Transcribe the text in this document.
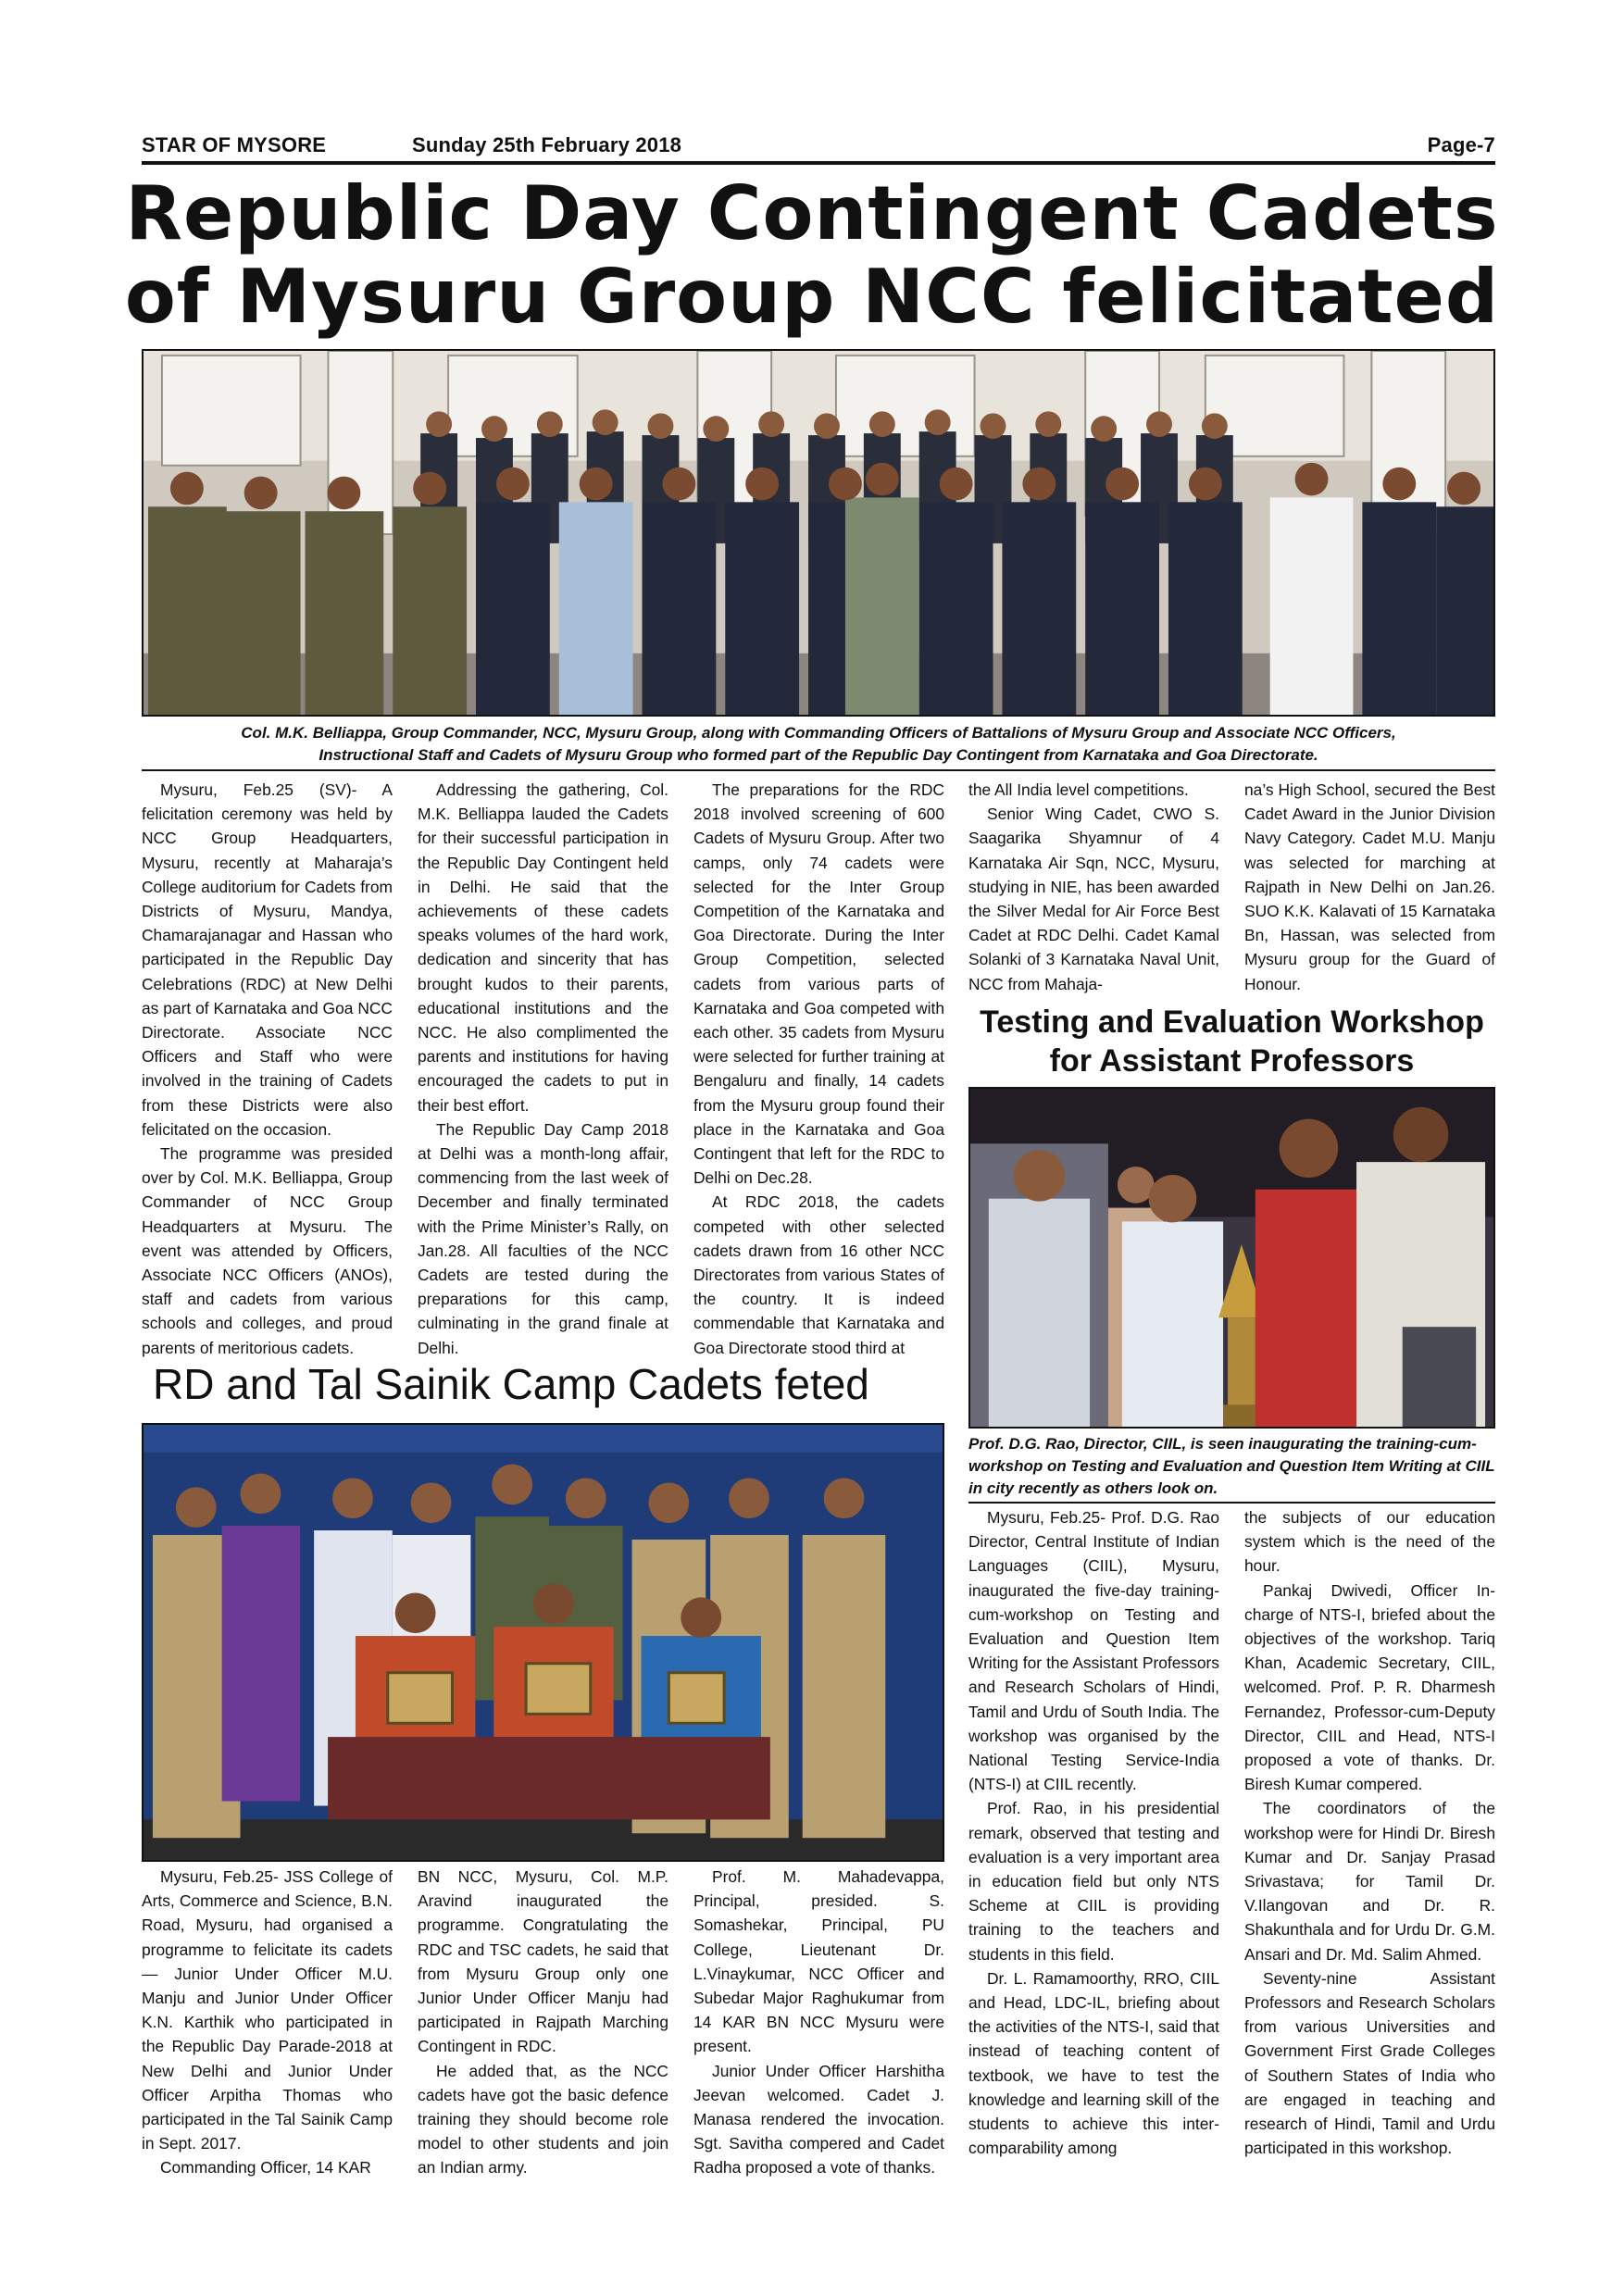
STAR OF MYSORE	Sunday 25th February 2018	Page-7
Republic Day Contingent Cadets
of Mysuru Group NCC felicitated
Col. M.K. Belliappa, Group Commander, NCC, Mysuru Group, along with Commanding Officers of Battalions of Mysuru Group and Associate NCC Officers,
Instructional Staff and Cadets of Mysuru Group who formed part of the Republic Day Contingent from Karnataka and Goa Directorate.

Mysuru, Feb.25 (SV)- A felicitation ceremony was held by NCC Group Headquarters, Mysuru, recently at Maharaja’s College auditorium for Cadets from Districts of Mysuru, Mandya, Chamarajanagar and Hassan who participated in the Republic Day Celebrations (RDC) at New Delhi as part of Karnataka and Goa NCC Directorate. Associate NCC Officers and Staff who were involved in the training of Cadets from these Districts were also felicitated on the occasion.

The programme was presided over by Col. M.K. Belliappa, Group Commander of NCC Group Headquarters at Mysuru. The event was attended by Officers, Associate NCC Officers (ANOs), staff and cadets from various schools and colleges, and proud parents of meritorious cadets.

Addressing the gathering, Col. M.K. Belliappa lauded the Cadets for their successful participation in the Republic Day Contingent held in Delhi. He said that the achievements of these cadets speaks volumes of the hard work, dedication and sincerity that has brought kudos to their parents, educational institutions and the NCC. He also complimented the parents and institutions for having encouraged the cadets to put in their best effort.

The Republic Day Camp 2018 at Delhi was a month-long affair, commencing from the last week of December and finally terminated with the Prime Minister’s Rally, on Jan.28. All faculties of the NCC Cadets are tested during the preparations for this camp, culminating in the grand finale at Delhi.

The preparations for the RDC 2018 involved screening of 600 Cadets of Mysuru Group. After two camps, only 74 cadets were selected for the Inter Group Competition of the Karnataka and Goa Directorate. During the Inter Group Competition, selected cadets from various parts of Karnataka and Goa competed with each other. 35 cadets from Mysuru were selected for further training at Bengaluru and finally, 14 cadets from the Mysuru group found their place in the Karnataka and Goa Contingent that left for the RDC to Delhi on Dec.28.

At RDC 2018, the cadets competed with other selected cadets drawn from 16 other NCC Directorates from various States of the country. It is indeed commendable that Karnataka and Goa Directorate stood third at

the All India level competitions.

Senior Wing Cadet, CWO S. Saagarika Shyamnur of 4 Karnataka Air Sqn, NCC, Mysuru, studying in NIE, has been awarded the Silver Medal for Air Force Best Cadet at RDC Delhi. Cadet Kamal Solanki of 3 Karnataka Naval Unit, NCC from Mahaja-

na’s High School, secured the Best Cadet Award in the Junior Division Navy Category. Cadet M.U. Manju was selected for marching at Rajpath in New Delhi on Jan.26. SUO K.K. Kalavati of 15 Karnataka Bn, Hassan, was selected from Mysuru group for the Guard of Honour.

Testing and Evaluation Workshop
for Assistant Professors
Prof. D.G. Rao, Director, CIIL, is seen inaugurating the training-cum-workshop on Testing and Evaluation and Question Item Writing at CIIL in city recently as others look on.

Mysuru, Feb.25- Prof. D.G. Rao Director, Central Institute of Indian Languages (CIIL), Mysuru, inaugurated the five-day training-cum-workshop on Testing and Evaluation and Question Item Writing for the Assistant Professors and Research Scholars of Hindi, Tamil and Urdu of South India. The workshop was organised by the National Testing Service-India (NTS-I) at CIIL recently.

Prof. Rao, in his presidential remark, observed that testing and evaluation is a very important area in education field but only NTS Scheme at CIIL is providing training to the teachers and students in this field.

Dr. L. Ramamoorthy, RRO, CIIL and Head, LDC-IL, briefing about the activities of the NTS-I, said that instead of teaching content of textbook, we have to test the knowledge and learning skill of the students to achieve this inter-comparability among

the subjects of our education system which is the need of the hour.

Pankaj Dwivedi, Officer In-charge of NTS-I, briefed about the objectives of the workshop. Tariq Khan, Academic Secretary, CIIL, welcomed. Prof. P. R. Dharmesh Fernandez, Professor-cum-Deputy Director, CIIL and Head, NTS-I proposed a vote of thanks. Dr. Biresh Kumar compered.

The coordinators of the workshop were for Hindi Dr. Biresh Kumar and Dr. Sanjay Prasad Srivastava; for Tamil Dr. V.Ilangovan and Dr. R. Shakunthala and for Urdu Dr. G.M. Ansari and Dr. Md. Salim Ahmed.

Seventy-nine Assistant Professors and Research Scholars from various Universities and Government First Grade Colleges of Southern States of India who are engaged in teaching and research of Hindi, Tamil and Urdu participated in this workshop.

RD and Tal Sainik Camp Cadets feted

Mysuru, Feb.25- JSS College of Arts, Commerce and Science, B.N. Road, Mysuru, had organised a programme to felicitate its cadets — Junior Under Officer M.U. Manju and Junior Under Officer K.N. Karthik who participated in the Republic Day Parade-2018 at New Delhi and Junior Under Officer Arpitha Thomas who participated in the Tal Sainik Camp in Sept. 2017.

Commanding Officer, 14 KAR

BN NCC, Mysuru, Col. M.P. Aravind inaugurated the programme. Congratulating the RDC and TSC cadets, he said that from Mysuru Group only one Junior Under Officer Manju had participated in Rajpath Marching Contingent in RDC.

He added that, as the NCC cadets have got the basic defence training they should become role model to other students and join an Indian army.

Prof. M. Mahadevappa, Principal, presided. S. Somashekar, Principal, PU College, Lieutenant Dr. L.Vinaykumar, NCC Officer and Subedar Major Raghukumar from 14 KAR BN NCC Mysuru were present.

Junior Under Officer Harshitha Jeevan welcomed. Cadet J. Manasa rendered the invocation. Sgt. Savitha compered and Cadet Radha proposed a vote of thanks.
